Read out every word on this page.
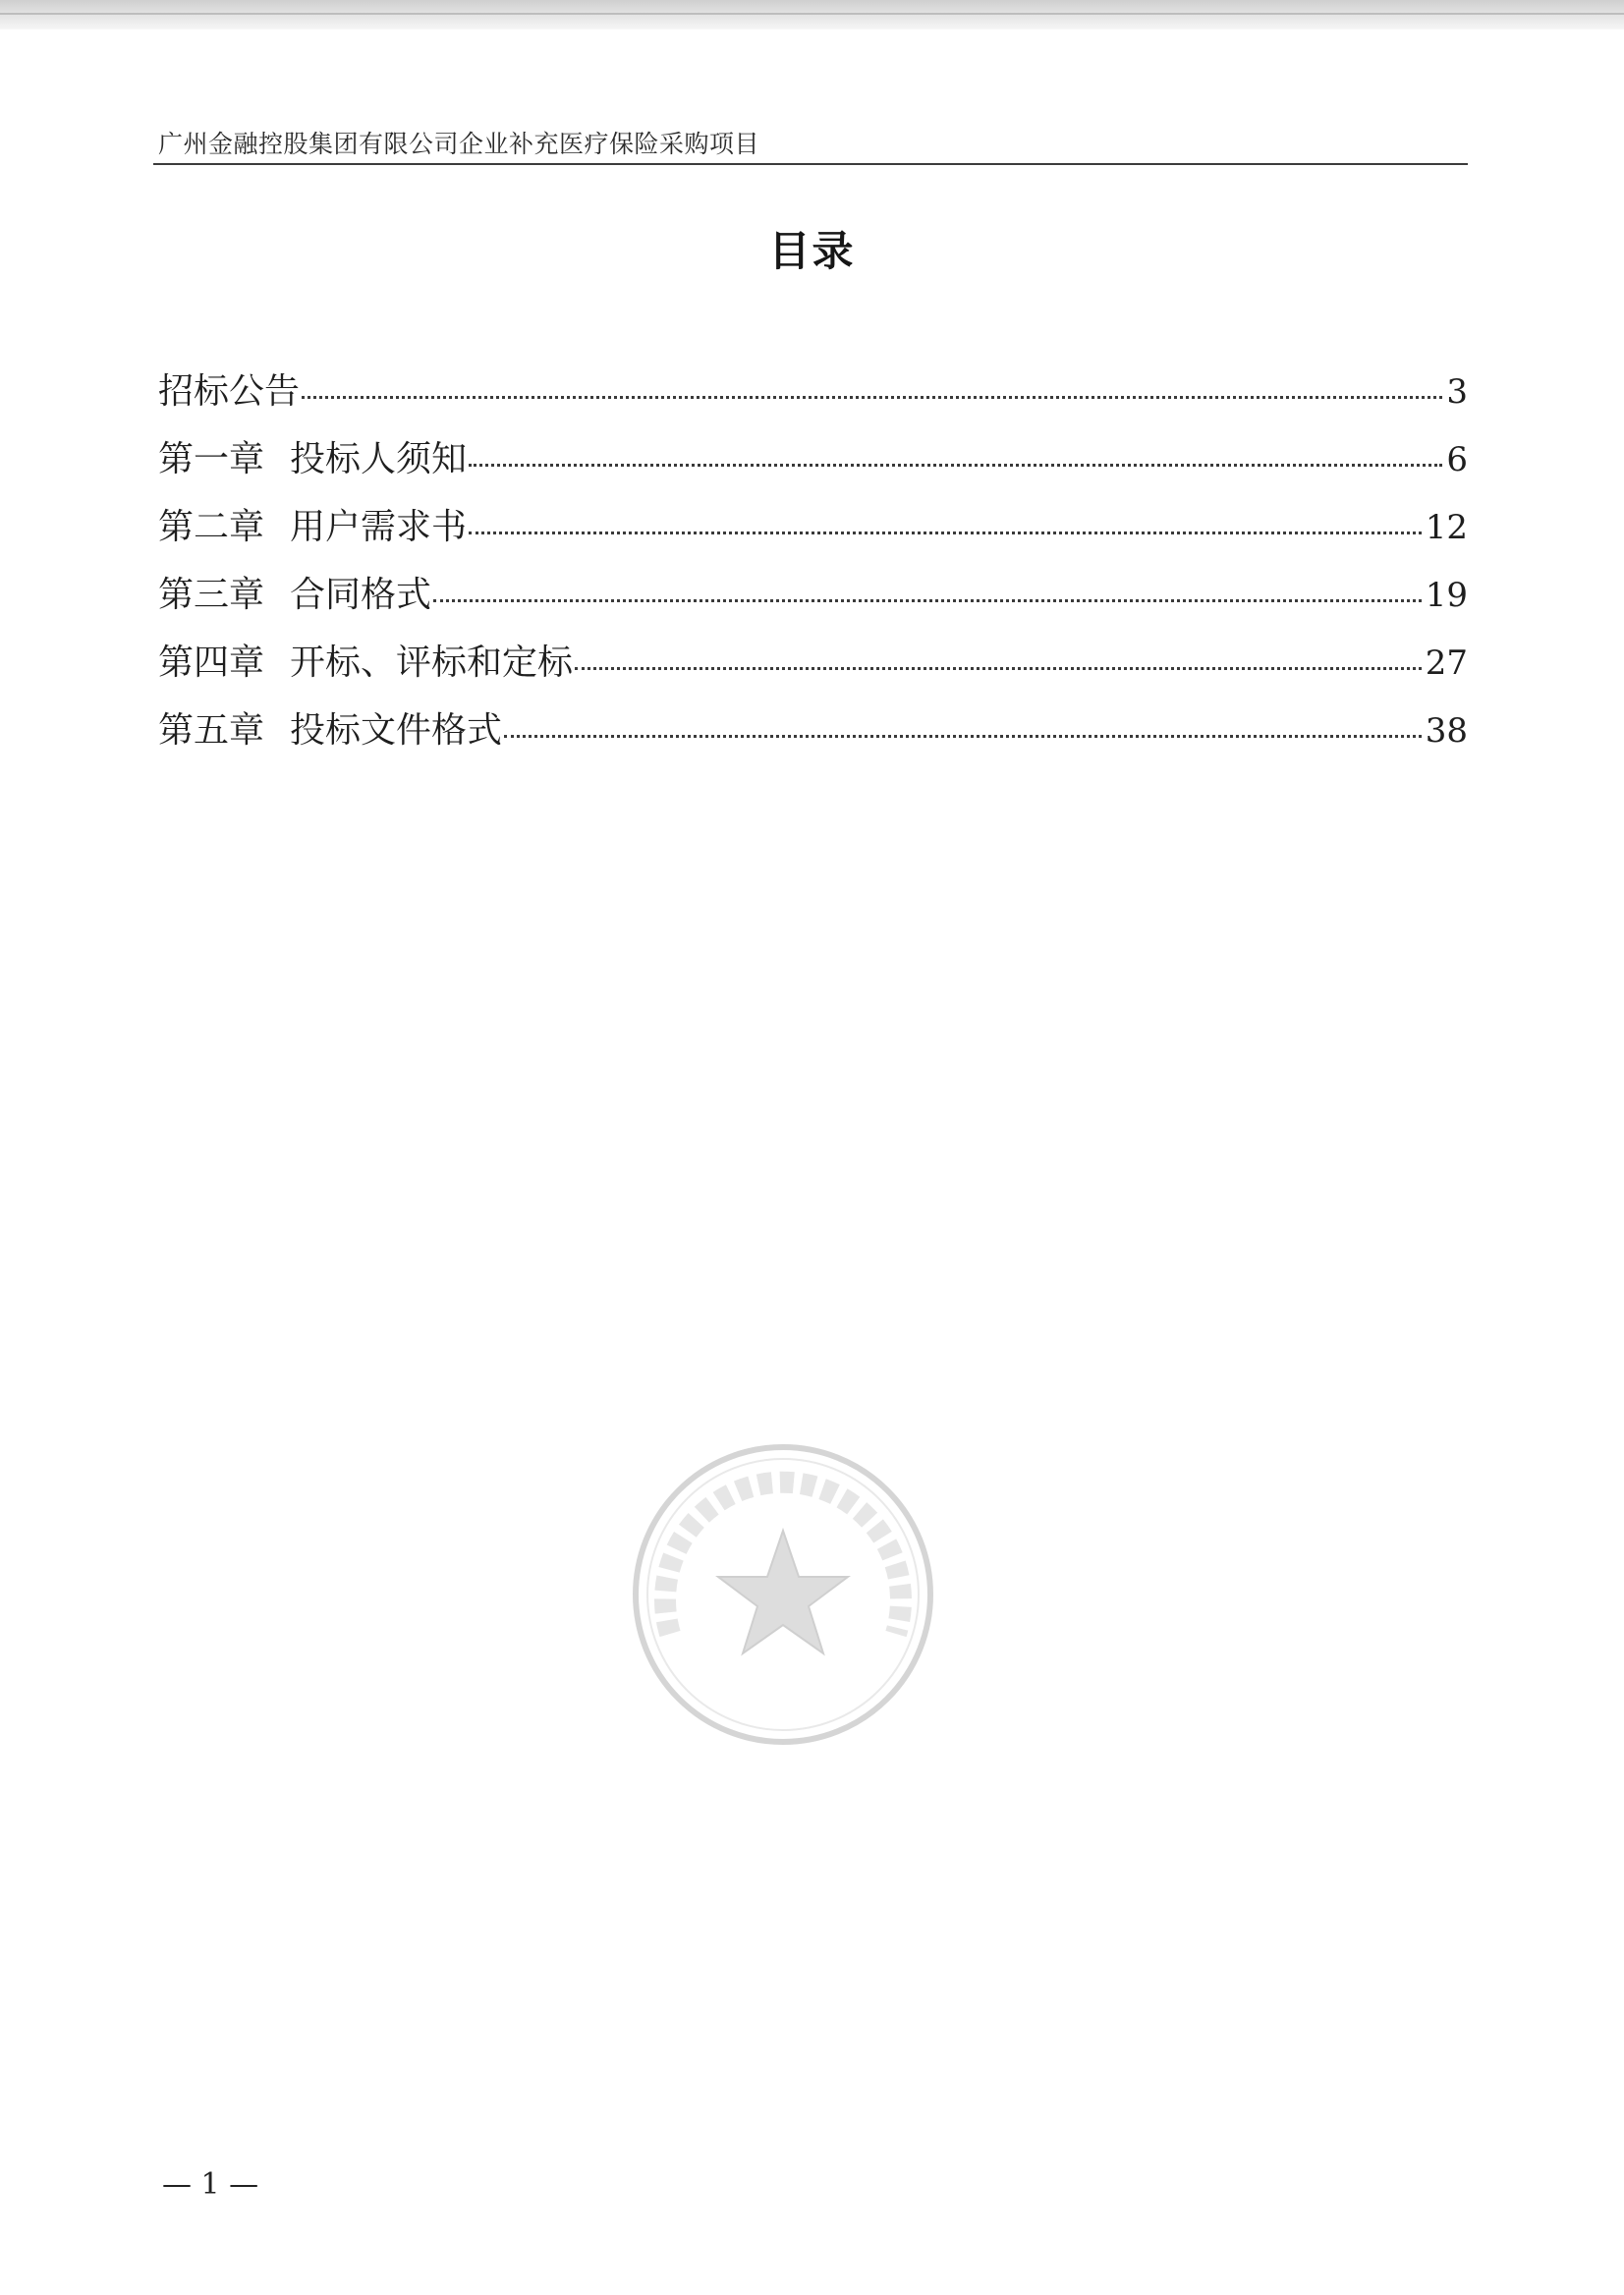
广州金融控股集团有限公司企业补充医疗保险采购项目
目录
招标公告	3
第一章 投标人须知	6
第二章 用户需求书	12
第三章 合同格式	19
第四章 开标、评标和定标	27
第五章 投标文件格式	38
— 1 —
